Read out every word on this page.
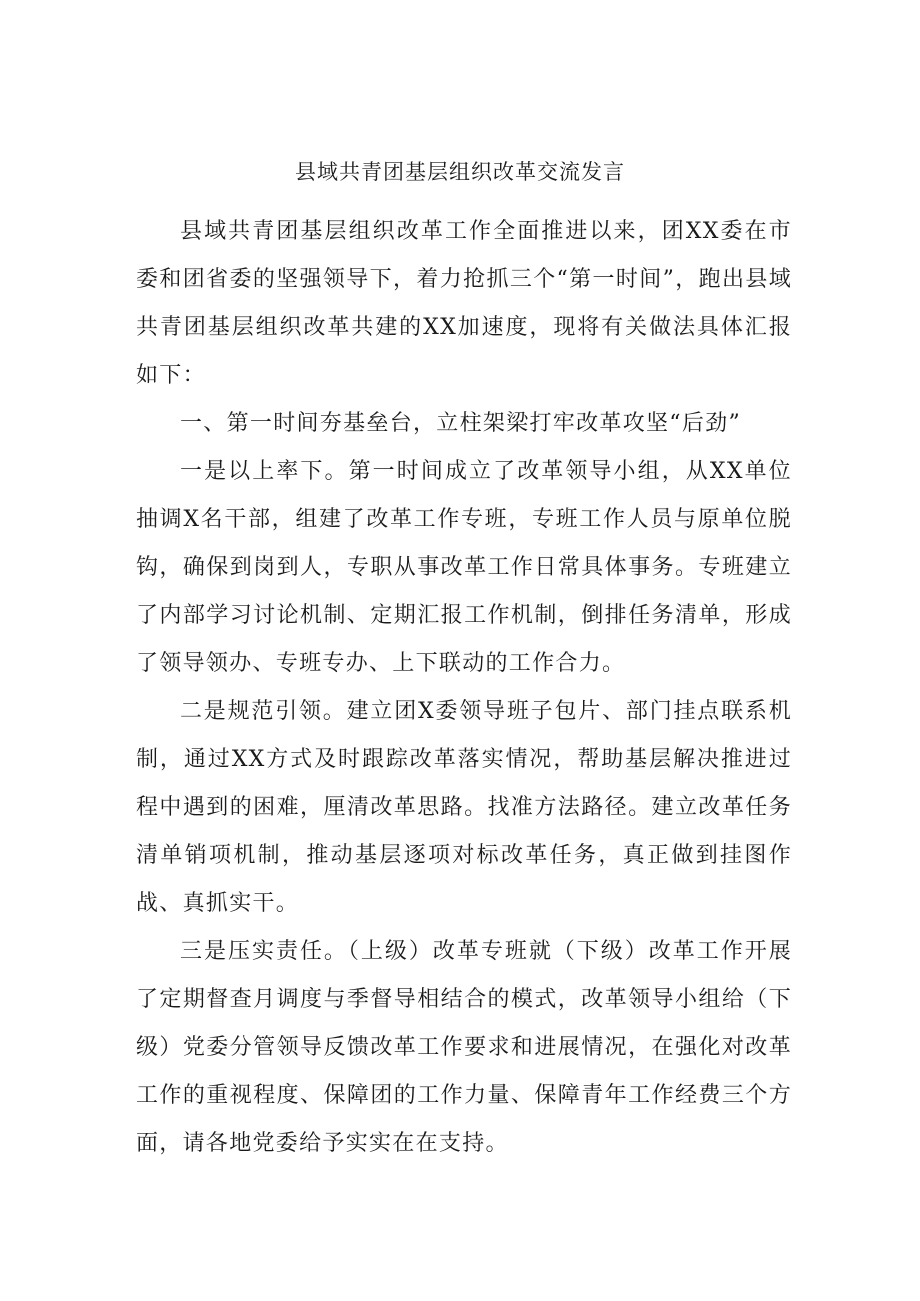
县域共青团基层组织改革交流发言

县域共青团基层组织改革工作全面推进以来，团XX委在市委和团省委的坚强领导下，着力抢抓三个“第一时间”，跑出县域共青团基层组织改革共建的XX加速度，现将有关做法具体汇报如下：

一、第一时间夯基垒台，立柱架梁打牢改革攻坚“后劲”

一是以上率下。第一时间成立了改革领导小组，从XX单位抽调X名干部，组建了改革工作专班，专班工作人员与原单位脱钩，确保到岗到人，专职从事改革工作日常具体事务。专班建立了内部学习讨论机制、定期汇报工作机制，倒排任务清单，形成了领导领办、专班专办、上下联动的工作合力。

二是规范引领。建立团X委领导班子包片、部门挂点联系机制，通过XX方式及时跟踪改革落实情况，帮助基层解决推进过程中遇到的困难，厘清改革思路。找准方法路径。建立改革任务清单销项机制，推动基层逐项对标改革任务，真正做到挂图作战、真抓实干。

三是压实责任。（上级）改革专班就（下级）改革工作开展了定期督查月调度与季督导相结合的模式，改革领导小组给（下级）党委分管领导反馈改革工作要求和进展情况，在强化对改革工作的重视程度、保障团的工作力量、保障青年工作经费三个方面，请各地党委给予实实在在支持。
